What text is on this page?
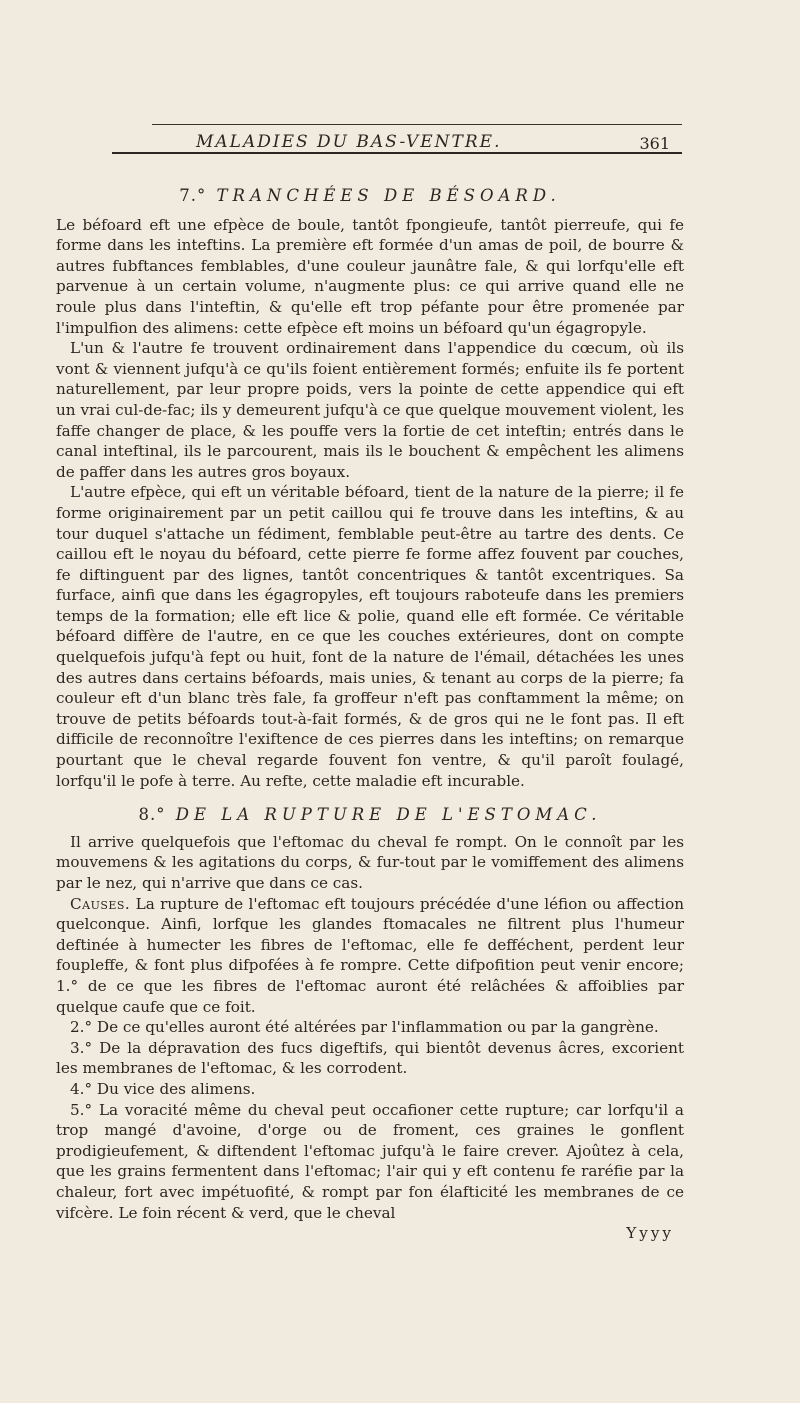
MALADIES DU BAS-VENTRE.	361
7.° TRANCHÉES DE BÉSOARD.

Le béfoard eft une efpèce de boule, tantôt fpongieufe, tantôt pierreufe, qui fe forme dans les inteftins. La première eft formée d'un amas de poil, de bourre & autres fubftances femblables, d'une couleur jaunâtre fale, & qui lorfqu'elle eft parvenue à un certain volume, n'augmente plus: ce qui arrive quand elle ne roule plus dans l'inteftin, & qu'elle eft trop péfante pour être promenée par l'impulfion des alimens: cette efpèce eft moins un béfoard qu'un égagropyle.

L'un & l'autre fe trouvent ordinairement dans l'appendice du cœcum, où ils vont & viennent jufqu'à ce qu'ils foient entièrement formés; enfuite ils fe portent naturellement, par leur propre poids, vers la pointe de cette appendice qui eft un vrai cul-de-fac; ils y demeurent jufqu'à ce que quelque mouvement violent, les faffe changer de place, & les pouffe vers la fortie de cet inteftin; entrés dans le canal inteftinal, ils le parcourent, mais ils le bouchent & empêchent les alimens de paffer dans les autres gros boyaux.

L'autre efpèce, qui eft un véritable béfoard, tient de la nature de la pierre; il fe forme originairement par un petit caillou qui fe trouve dans les inteftins, & au tour duquel s'attache un fédiment, femblable peut-être au tartre des dents. Ce caillou eft le noyau du béfoard, cette pierre fe forme affez fouvent par couches, fe diftinguent par des lignes, tantôt concentriques & tantôt excentriques. Sa furface, ainfi que dans les égagropyles, eft toujours raboteufe dans les premiers temps de la formation; elle eft lice & polie, quand elle eft formée. Ce véritable béfoard diffère de l'autre, en ce que les couches extérieures, dont on compte quelquefois jufqu'à fept ou huit, font de la nature de l'émail, détachées les unes des autres dans certains béfoards, mais unies, & tenant au corps de la pierre; fa couleur eft d'un blanc très fale, fa groffeur n'eft pas conftamment la même; on trouve de petits béfoards tout-à-fait formés, & de gros qui ne le font pas. Il eft difficile de reconnoître l'exiftence de ces pierres dans les inteftins; on remarque pourtant que le cheval regarde fouvent fon ventre, & qu'il paroît foulagé, lorfqu'il le pofe à terre. Au refte, cette maladie eft incurable.

8.° DE LA RUPTURE DE L'ESTOMAC.

Il arrive quelquefois que l'eftomac du cheval fe rompt. On le connoît par les mouvemens & les agitations du corps, & fur-tout par le vomiffement des alimens par le nez, qui n'arrive que dans ce cas.

Causes. La rupture de l'eftomac eft toujours précédée d'une léfion ou affection quelconque. Ainfi, lorfque les glandes ftomacales ne filtrent plus l'humeur deftinée à humecter les fibres de l'eftomac, elle fe defféchent, perdent leur foupleffe, & font plus difpofées à fe rompre. Cette difpofition peut venir encore; 1.° de ce que les fibres de l'eftomac auront été relâchées & affoiblies par quelque caufe que ce foit.

2.° De ce qu'elles auront été altérées par l'inflammation ou par la gangrène.

3.° De la dépravation des fucs digeftifs, qui bientôt devenus âcres, excorient les membranes de l'eftomac, & les corrodent.

4.° Du vice des alimens.

5.° La voracité même du cheval peut occafioner cette rupture; car lorfqu'il a trop mangé d'avoine, d'orge ou de froment, ces graines le gonflent prodigieufement, & diftendent l'eftomac jufqu'à le faire crever. Ajoûtez à cela, que les grains fermentent dans l'eftomac; l'air qui y eft contenu fe raréfie par la chaleur, fort avec impétuofité, & rompt par fon élafticité les membranes de ce vifcère. Le foin récent & verd, que le cheval

Yyyy
